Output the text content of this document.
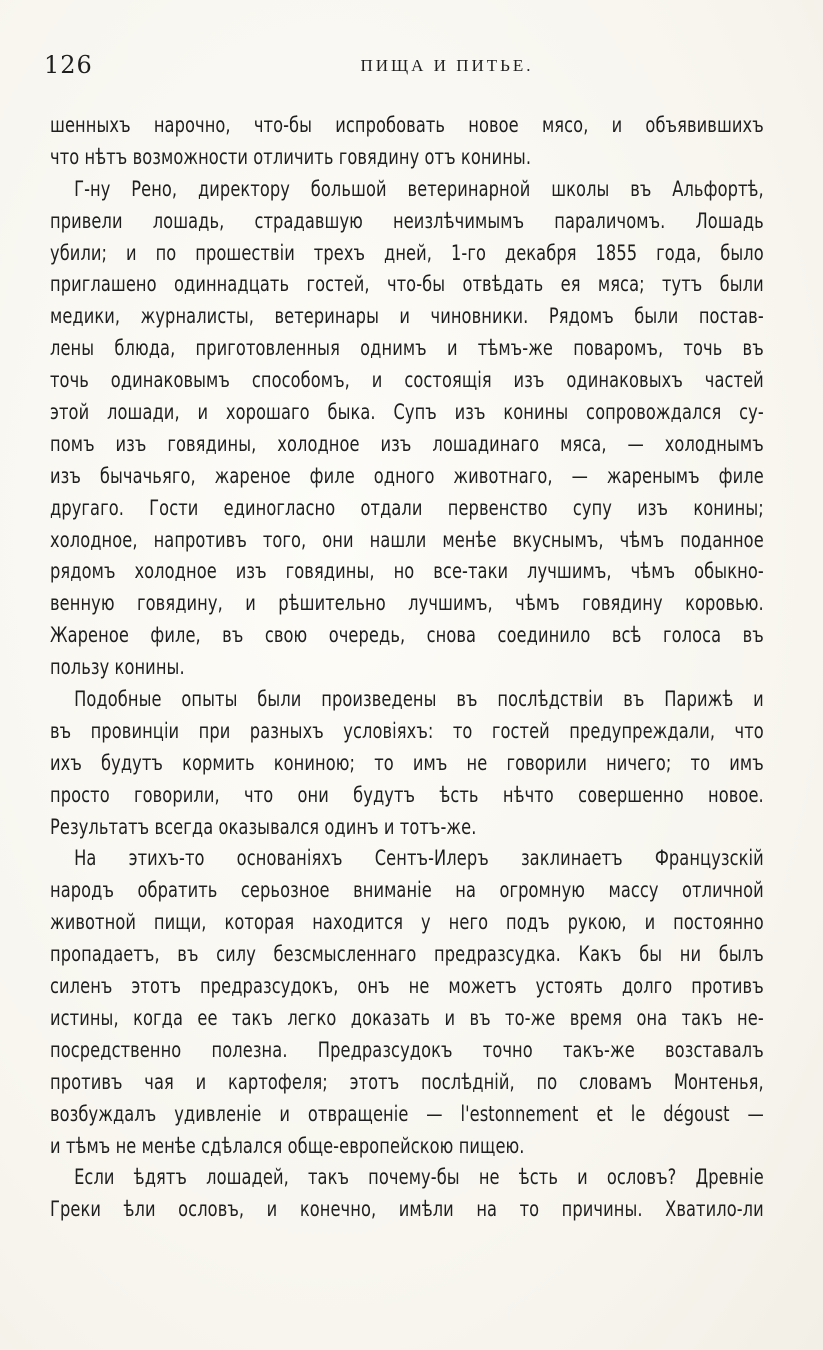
126	ПИЩА И ПИТЬЕ.
шенныхъ нарочно, что-бы испробовать новое мясо, и объявившихъ
что нѣтъ возможности отличить говядину отъ конины.
Г-ну Рено, директору большой ветеринарной школы въ Альфортѣ,
привели лошадь, страдавшую неизлѣчимымъ параличомъ. Лошадь
убили; и по прошествіи трехъ дней, 1-го декабря 1855 года, было
приглашено одиннадцать гостей, что-бы отвѣдать ея мяса; тутъ были
медики, журналисты, ветеринары и чиновники. Рядомъ были постав-
лены блюда, приготовленныя однимъ и тѣмъ-же поваромъ, точь въ
точь одинаковымъ способомъ, и состоящія изъ одинаковыхъ частей
этой лошади, и хорошаго быка. Супъ изъ конины сопровождался су-
помъ изъ говядины, холодное изъ лошадинаго мяса, — холоднымъ
изъ бычачьяго, жареное филе одного животнаго, — жаренымъ филе
другаго. Гости единогласно отдали первенство супу изъ конины;
холодное, напротивъ того, они нашли менѣе вкуснымъ, чѣмъ поданное
рядомъ холодное изъ говядины, но все-таки лучшимъ, чѣмъ обыкно-
венную говядину, и рѣшительно лучшимъ, чѣмъ говядину коровью.
Жареное филе, въ свою очередь, снова соединило всѣ голоса въ
пользу конины.
Подобные опыты были произведены въ послѣдствіи въ Парижѣ и
въ провинціи при разныхъ условіяхъ: то гостей предупреждали, что
ихъ будутъ кормить кониною; то имъ не говорили ничего; то имъ
просто говорили, что они будутъ ѣсть нѣчто совершенно новое.
Результатъ всегда оказывался одинъ и тотъ-же.
На этихъ-то основаніяхъ Сентъ-Илеръ заклинаетъ Французскій
народъ обратить серьозное вниманіе на огромную массу отличной
животной пищи, которая находится у него подъ рукою, и постоянно
пропадаетъ, въ силу безсмысленнаго предразсудка. Какъ бы ни былъ
силенъ этотъ предразсудокъ, онъ не можетъ устоять долго противъ
истины, когда ее такъ легко доказать и въ то-же время она такъ не-
посредственно полезна. Предразсудокъ точно такъ-же возставалъ
противъ чая и картофеля; этотъ послѣдній, по словамъ Монтенья,
возбуждалъ удивленіе и отвращеніе — l'estonnement et le dégoust —
и тѣмъ не менѣе сдѣлался обще-европейскою пищею.
Если ѣдятъ лошадей, такъ почему-бы не ѣсть и ословъ? Древніе
Греки ѣли ословъ, и конечно, имѣли на то причины. Хватило-ли
